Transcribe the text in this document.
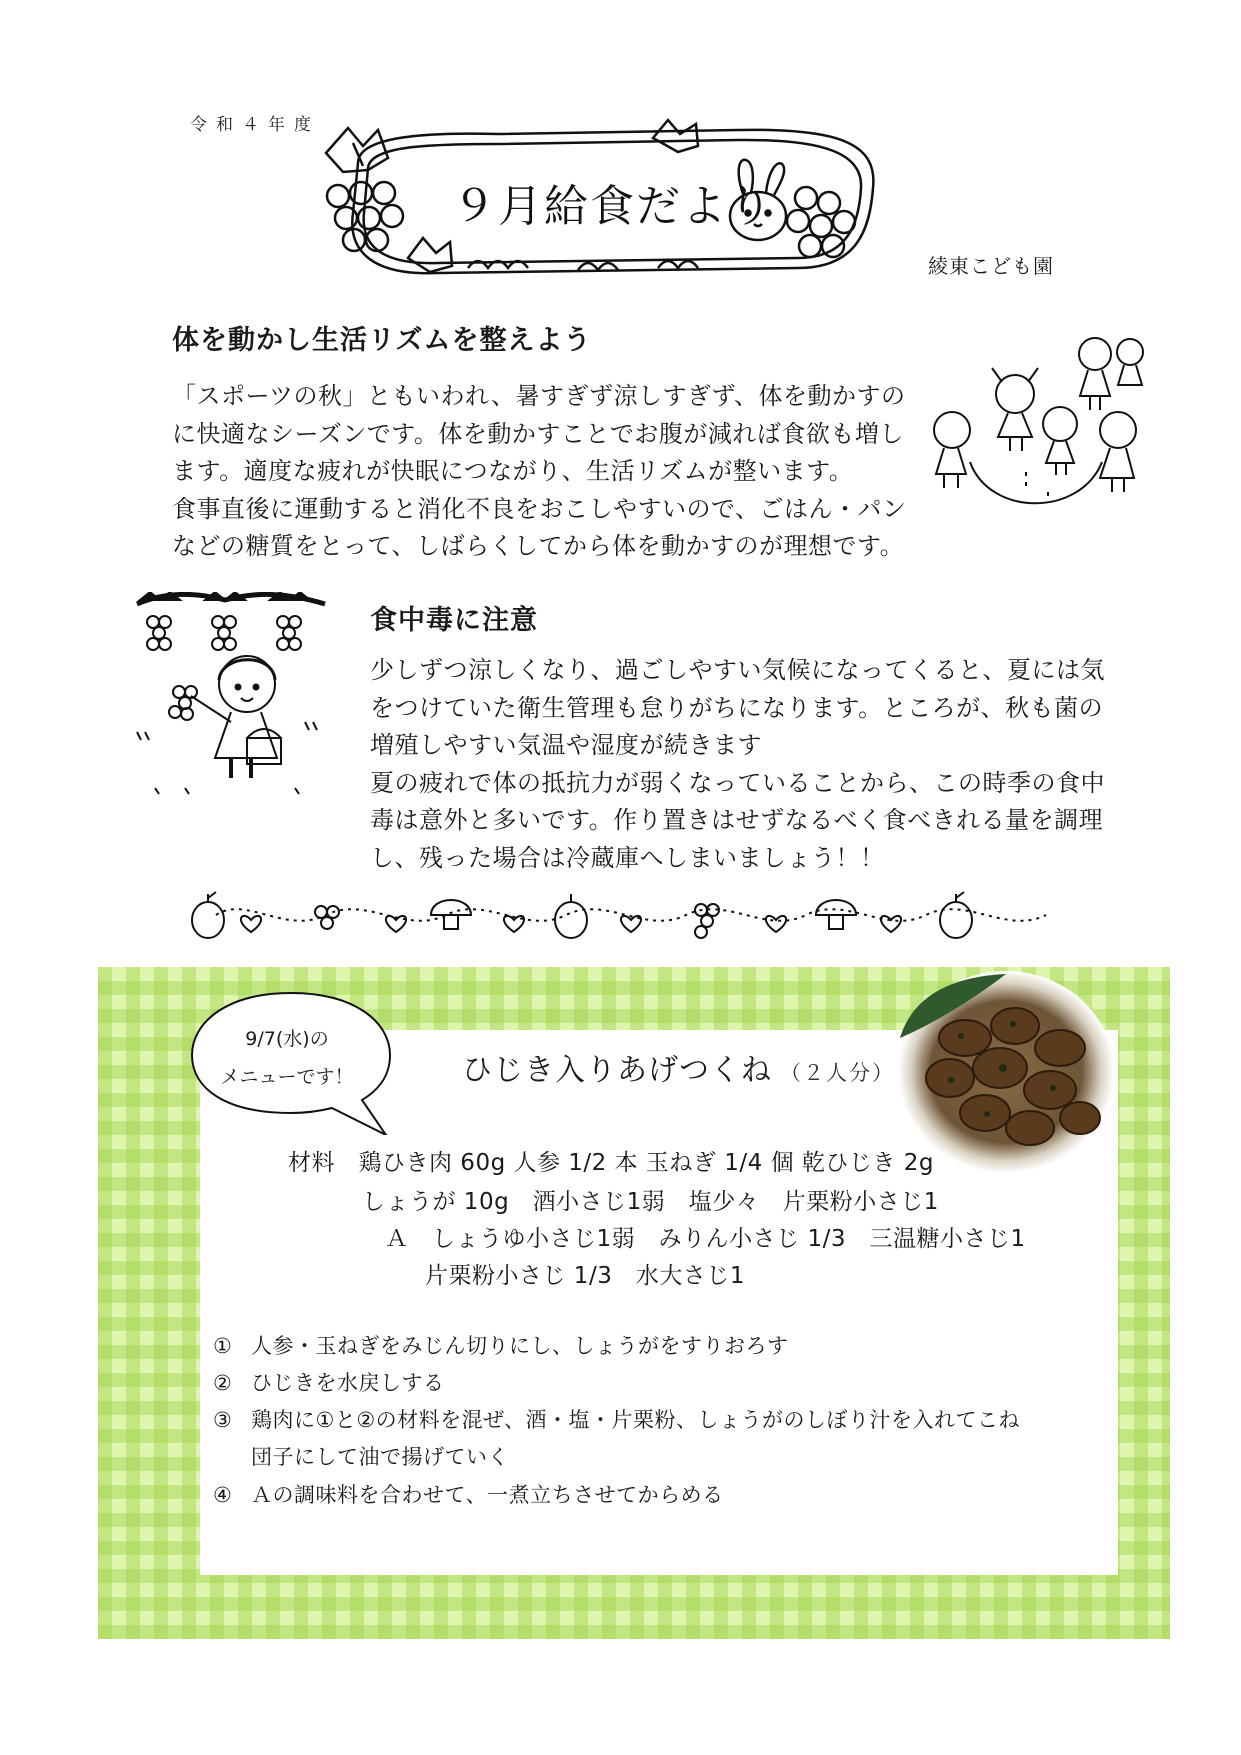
令和４年度
９月給食だより
綾東こども園
体を動かし生活リズムを整えよう
「スポーツの秋」ともいわれ、暑すぎず涼しすぎず、体を動かすの
に快適なシーズンです。体を動かすことでお腹が減れば食欲も増し
ます。適度な疲れが快眠につながり、生活リズムが整います。
食事直後に運動すると消化不良をおこしやすいので、ごはん・パン
などの糖質をとって、しばらくしてから体を動かすのが理想です。
食中毒に注意
少しずつ涼しくなり、過ごしやすい気候になってくると、夏には気
をつけていた衛生管理も怠りがちになります。ところが、秋も菌の
増殖しやすい気温や湿度が続きます
夏の疲れで体の抵抗力が弱くなっていることから、この時季の食中
毒は意外と多いです。作り置きはせずなるべく食べきれる量を調理
し、残った場合は冷蔵庫へしまいましょう！！
9/7(水)の
メニューです！	ひじき入りあげつくね （２人分）
材料　鶏ひき肉 60g 人参 1/2 本 玉ねぎ 1/4 個 乾ひじき 2g
しょうが 10g　酒小さじ1弱　塩少々　片栗粉小さじ1
Ａ　しょうゆ小さじ1弱　みりん小さじ 1/3　三温糖小さじ1
片栗粉小さじ 1/3　水大さじ1
① 人参・玉ねぎをみじん切りにし、しょうがをすりおろす
② ひじきを水戻しする
③ 鶏肉に①と②の材料を混ぜ、酒・塩・片栗粉、しょうがのしぼり汁を入れてこね
団子にして油で揚げていく
④ Ａの調味料を合わせて、一煮立ちさせてからめる
